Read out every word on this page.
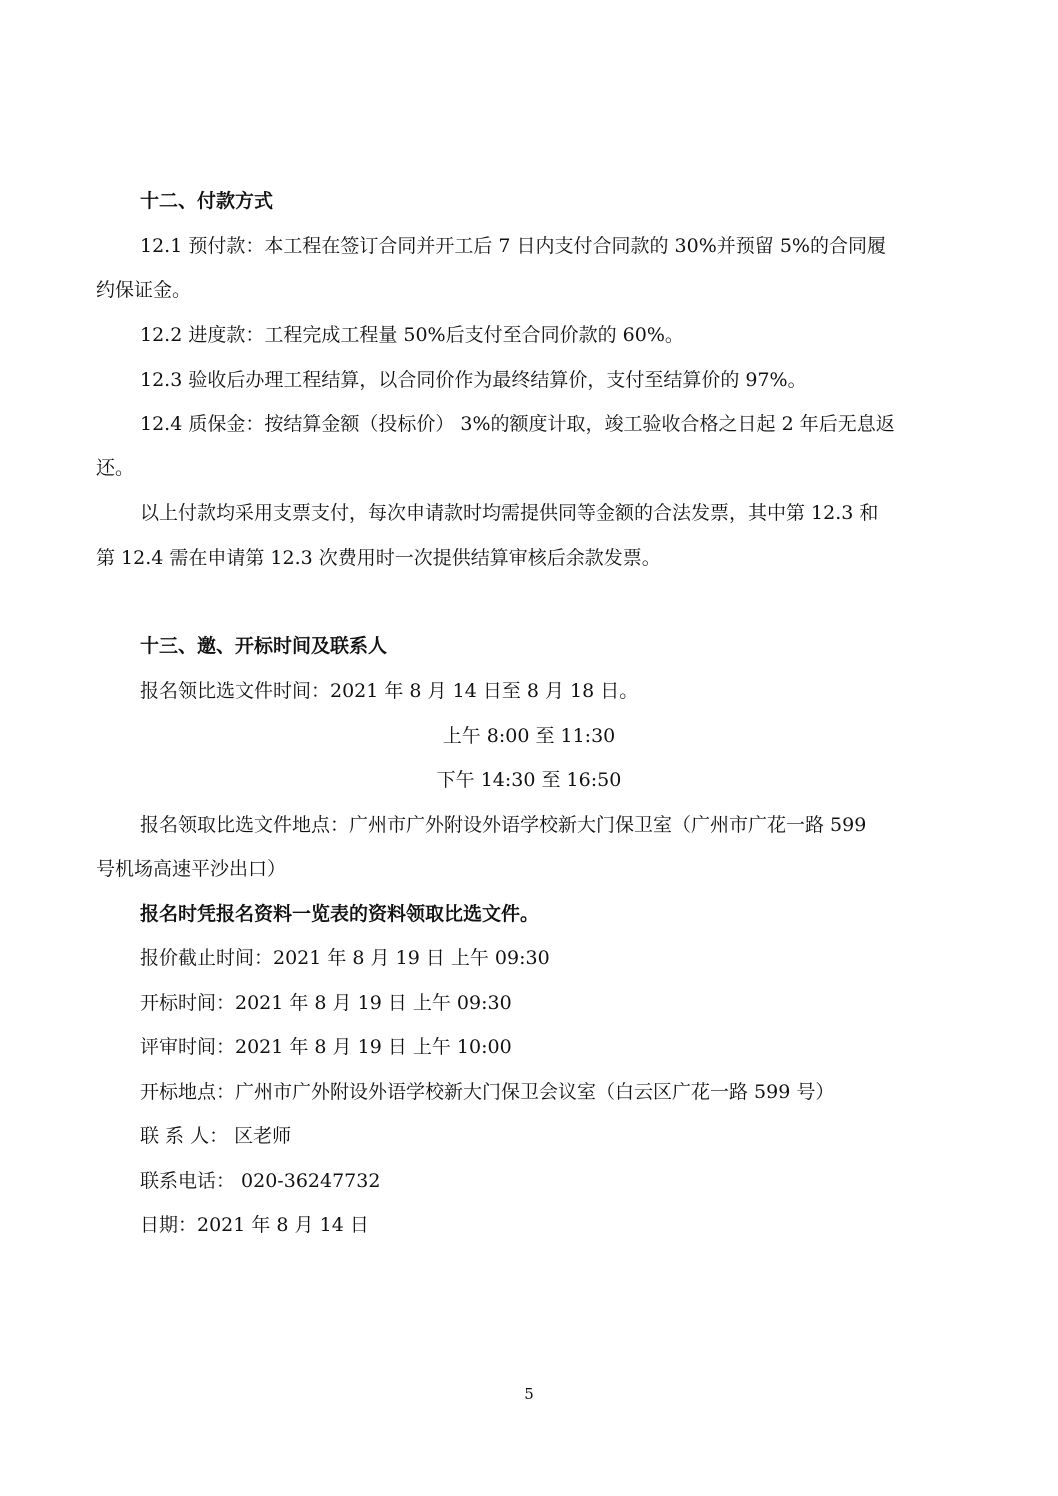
十二、付款方式

12.1 预付款：本工程在签订合同并开工后 7 日内支付合同款的 30%并预留 5%的合同履

约保证金。

12.2 进度款：工程完成工程量 50%后支付至合同价款的 60%。

12.3 验收后办理工程结算，以合同价作为最终结算价，支付至结算价的 97%。

12.4 质保金：按结算金额（投标价） 3%的额度计取，竣工验收合格之日起 2 年后无息返

还。

以上付款均采用支票支付，每次申请款时均需提供同等金额的合法发票，其中第 12.3 和

第 12.4 需在申请第 12.3 次费用时一次提供结算审核后余款发票。

十三、邀、开标时间及联系人

报名领比选文件时间：2021 年 8 月 14 日至 8 月 18 日。

上午 8:00 至 11:30

下午 14:30 至 16:50

报名领取比选文件地点：广州市广外附设外语学校新大门保卫室（广州市广花一路 599

号机场高速平沙出口）

报名时凭报名资料一览表的资料领取比选文件。

报价截止时间：2021 年 8 月 19 日 上午 09:30

开标时间：2021 年 8 月 19 日 上午 09:30

评审时间：2021 年 8 月 19 日 上午 10:00

开标地点：广州市广外附设外语学校新大门保卫会议室（白云区广花一路 599 号）

联 系 人： 区老师

联系电话： 020-36247732

日期：2021 年 8 月 14 日

5
